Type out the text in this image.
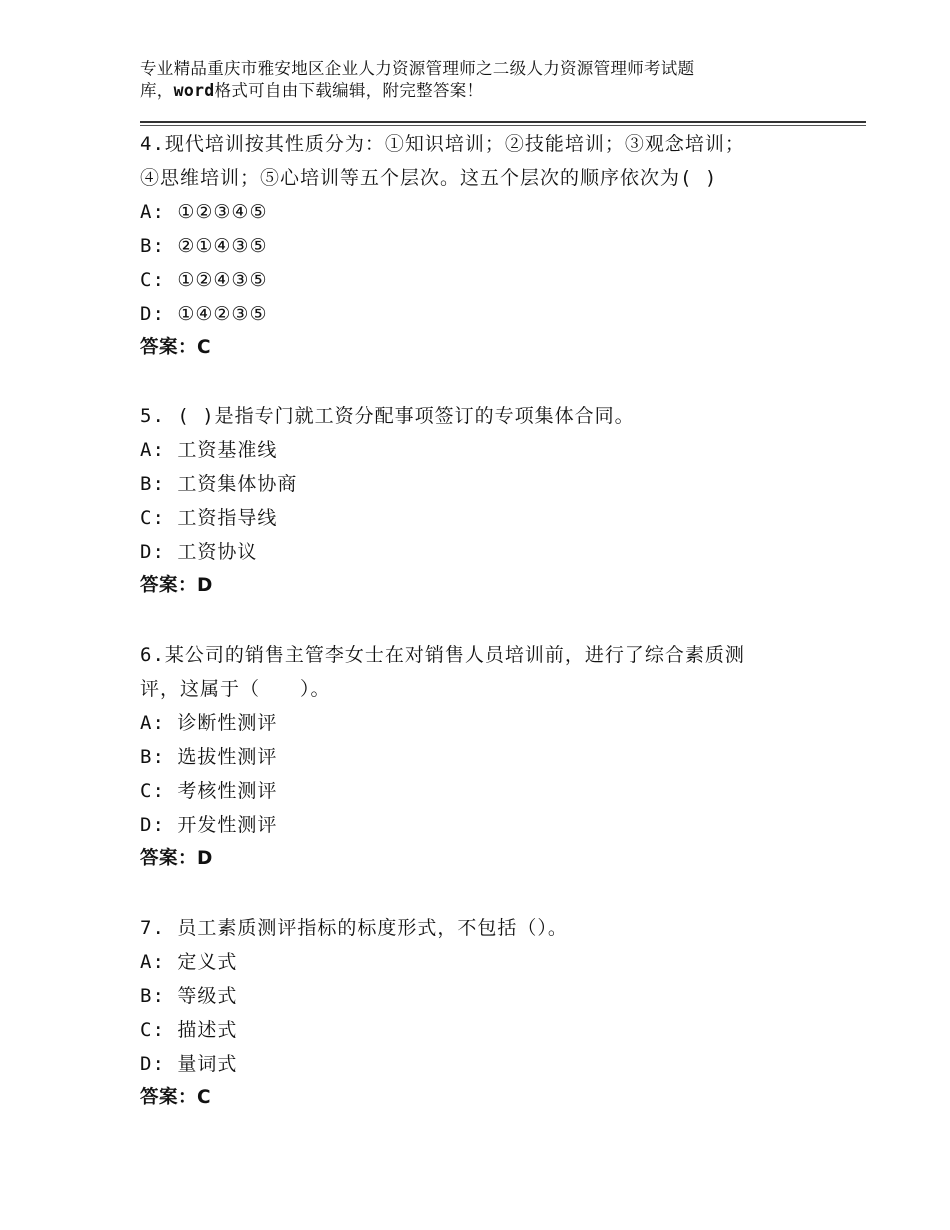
专业精品重庆市雅安地区企业人力资源管理师之二级人力资源管理师考试题
库，word格式可自由下载编辑，附完整答案！

4.现代培训按其性质分为：①知识培训；②技能培训；③观念培训；
④思维培训；⑤心培训等五个层次。这五个层次的顺序依次为( )

A: ①②③④⑤
B: ②①④③⑤
C: ①②④③⑤
D: ①④②③⑤
答案：C

5. ( )是指专门就工资分配事项签订的专项集体合同。

A: 工资基准线
B: 工资集体协商
C: 工资指导线
D: 工资协议
答案：D

6.某公司的销售主管李女士在对销售人员培训前，进行了综合素质测
评，这属于（　　）。

A: 诊断性测评
B: 选拔性测评
C: 考核性测评
D: 开发性测评
答案：D

7. 员工素质测评指标的标度形式，不包括（）。

A: 定义式
B: 等级式
C: 描述式
D: 量词式
答案：C
